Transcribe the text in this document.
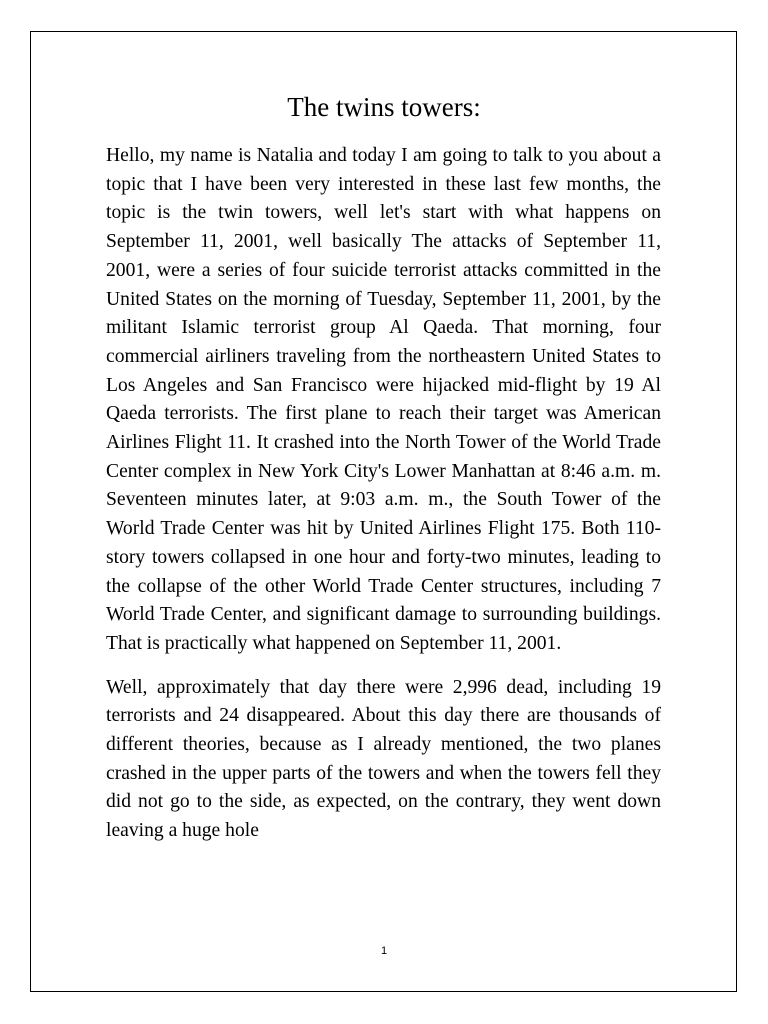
The twins towers:

Hello, my name is Natalia and today I am going to talk to you about a topic that I have been very interested in these last few months, the topic is the twin towers, well let's start with what happens on September 11, 2001, well basically The attacks of September 11, 2001, were a series of four suicide terrorist attacks committed in the United States on the morning of Tuesday, September 11, 2001, by the militant Islamic terrorist group Al Qaeda. That morning, four commercial airliners traveling from the northeastern United States to Los Angeles and San Francisco were hijacked mid-flight by 19 Al Qaeda terrorists. The first plane to reach their target was American Airlines Flight 11. It crashed into the North Tower of the World Trade Center complex in New York City's Lower Manhattan at 8:46 a.m. m. Seventeen minutes later, at 9:03 a.m. m., the South Tower of the World Trade Center was hit by United Airlines Flight 175. Both 110-story towers collapsed in one hour and forty-two minutes, leading to the collapse of the other World Trade Center structures, including 7 World Trade Center, and significant damage to surrounding buildings. That is practically what happened on September 11, 2001.

Well, approximately that day there were 2,996 dead, including 19 terrorists and 24 disappeared. About this day there are thousands of different theories, because as I already mentioned, the two planes crashed in the upper parts of the towers and when the towers fell they did not go to the side, as expected, on the contrary, they went down leaving a huge hole

1
